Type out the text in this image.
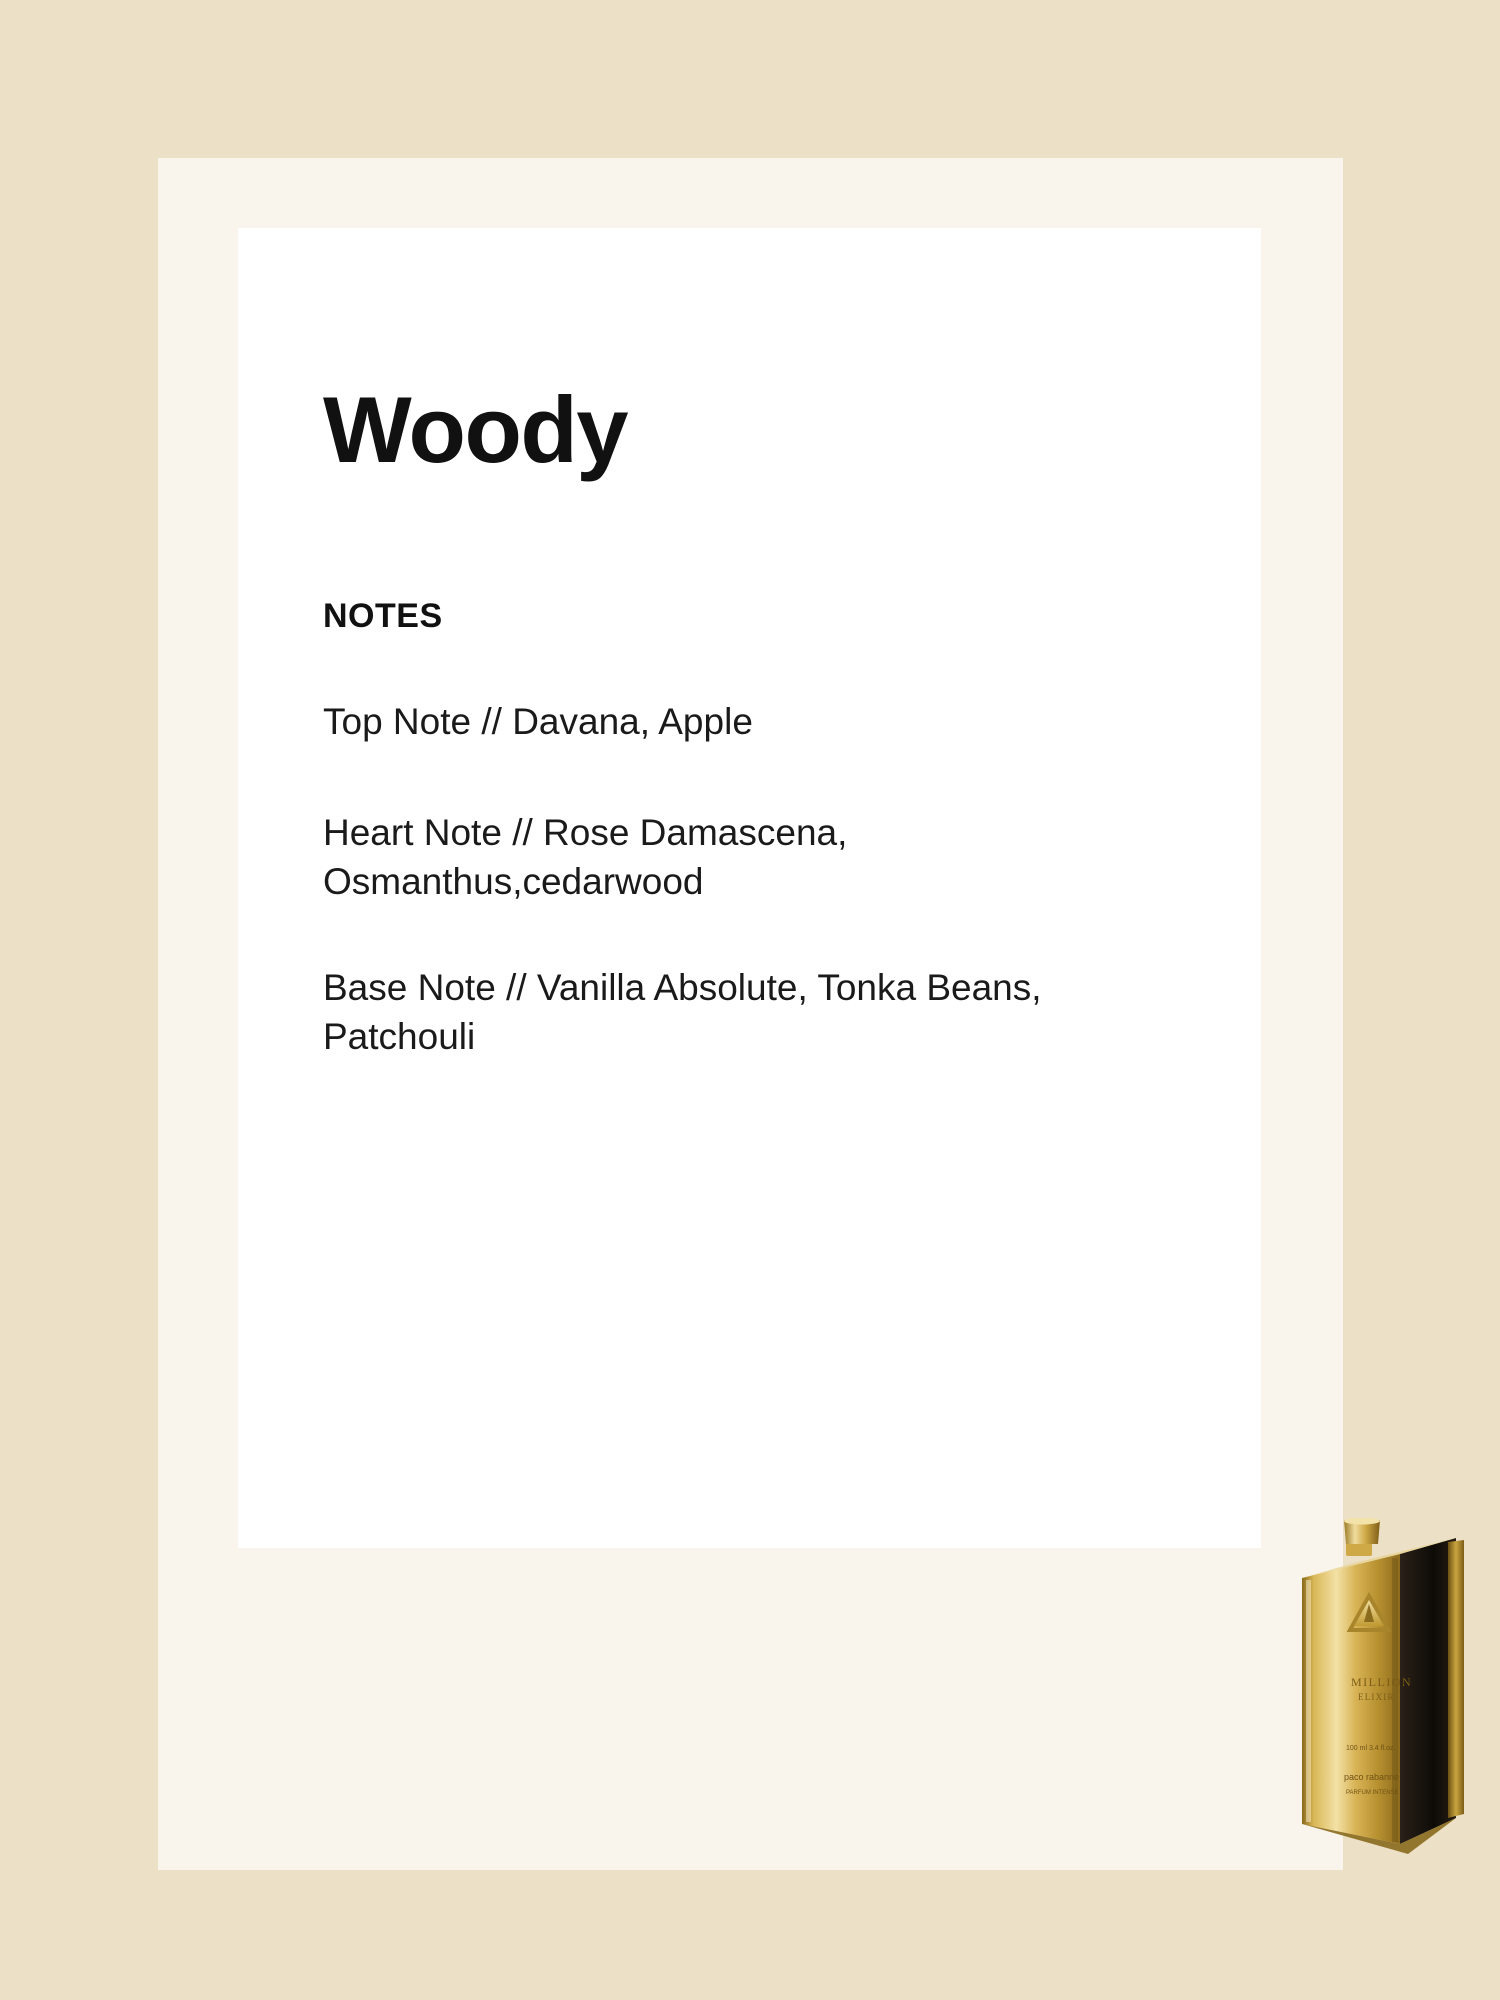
Woody
NOTES
Top Note // Davana, Apple
Heart Note // Rose Damascena, Osmanthus,cedarwood
Base Note // Vanilla Absolute, Tonka Beans, Patchouli
MILLION
ELIXIR
100 ml 3.4 fl.oz.
paco rabanne
PARFUM INTENSE
